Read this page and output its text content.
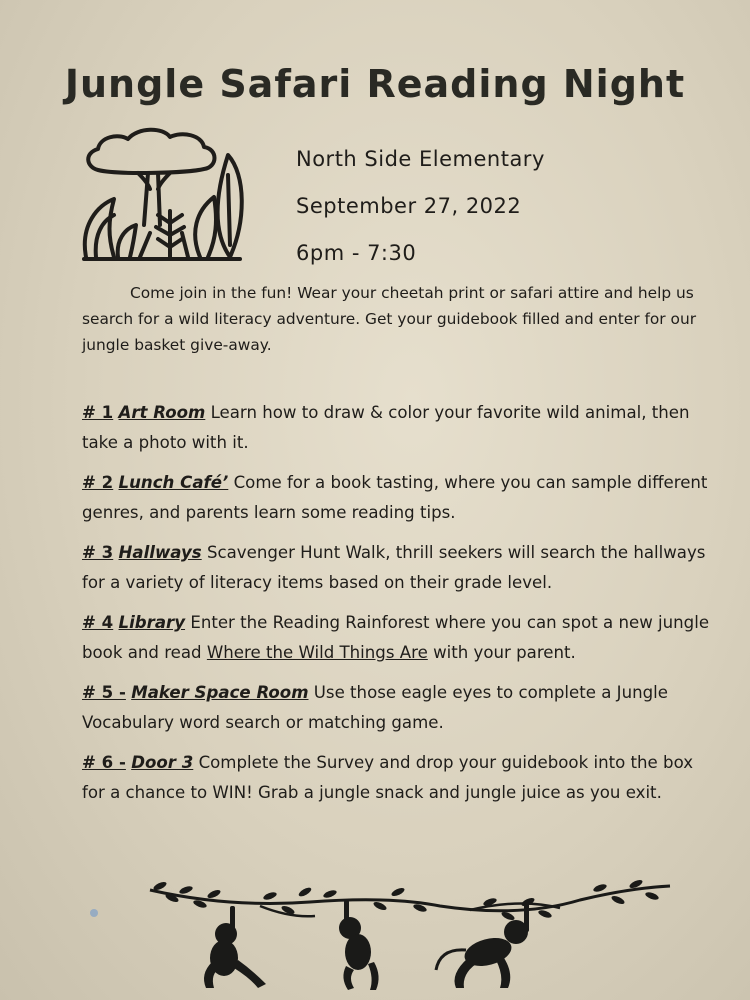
Jungle Safari Reading Night
North Side Elementary
September 27, 2022
6pm - 7:30

Come join in the fun! Wear your cheetah print or safari attire and help us search for a wild literacy adventure. Get your guidebook filled and enter for our jungle basket give-away.

# 1 Art Room Learn how to draw & color your favorite wild animal, then take a photo with it.

# 2 Lunch Café’ Come for a book tasting, where you can sample different genres, and parents learn some reading tips.

# 3 Hallways Scavenger Hunt Walk, thrill seekers will search the hallways for a variety of literacy items based on their grade level.

# 4 Library Enter the Reading Rainforest where you can spot a new jungle book and read Where the Wild Things Are with your parent.

# 5 - Maker Space Room Use those eagle eyes to complete a Jungle Vocabulary word search or matching game.

# 6 - Door 3 Complete the Survey and drop your guidebook into the box for a chance to WIN! Grab a jungle snack and jungle juice as you exit.
